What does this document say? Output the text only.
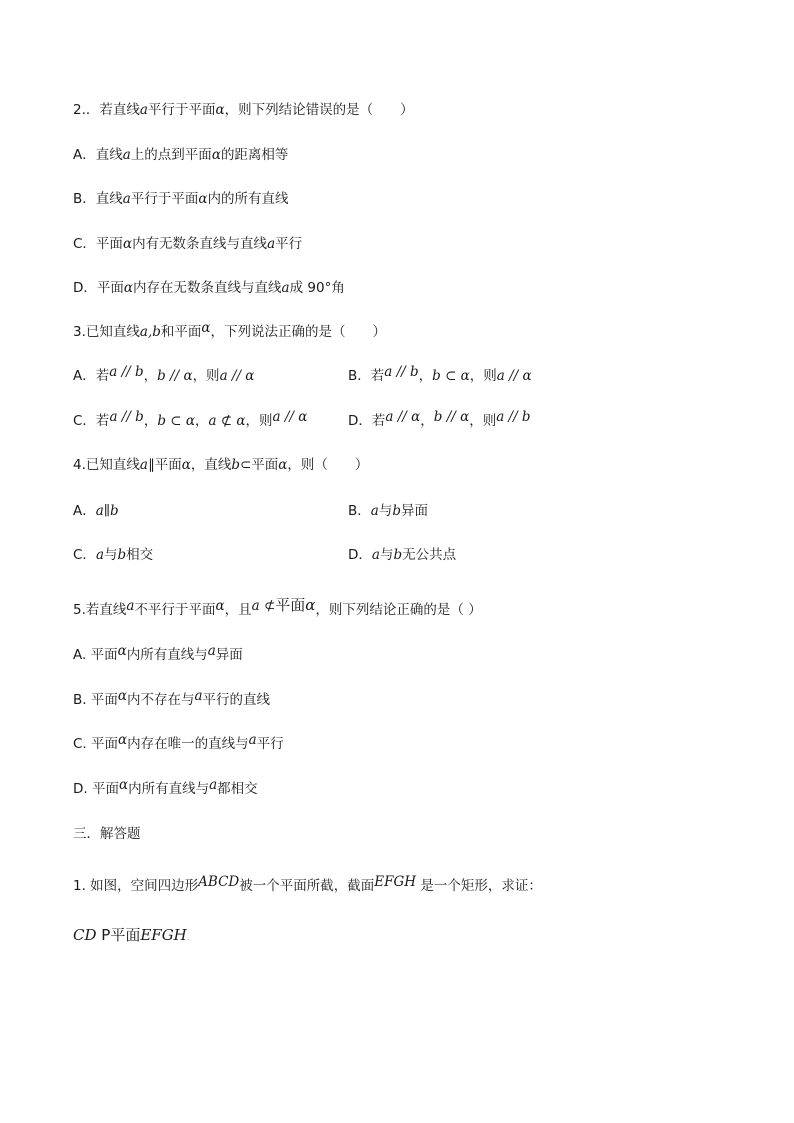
2.．若直线a平行于平面α，则下列结论错误的是（　　）
A．直线a上的点到平面α的距离相等
B．直线a平行于平面α内的所有直线
C．平面α内有无数条直线与直线a平行
D．平面α内存在无数条直线与直线a成 90°角
3.已知直线a,b和平面α，下列说法正确的是（　　）
A．若a // b，b // α，则a // α	B．若a // b，b ⊂ α，则a // α
C．若a // b，b ⊂ α，a ⊄ α，则a // α	D．若a // α，b // α，则a // b
4.已知直线a∥平面α，直线b⊂平面α，则（　　）
A．a∥b	B．a与b异面
C．a与b相交	D．a与b无公共点
5.若直线a不平行于平面α，且a ⊄平面α，则下列结论正确的是（ ）
A. 平面α内所有直线与a异面
B. 平面α内不存在与a平行的直线
C. 平面α内存在唯一的直线与a平行
D. 平面α内所有直线与a都相交
三．解答题
1. 如图，空间四边形ABCD被一个平面所截，截面EFGH 是一个矩形，求证：
CD P平面EFGH.
